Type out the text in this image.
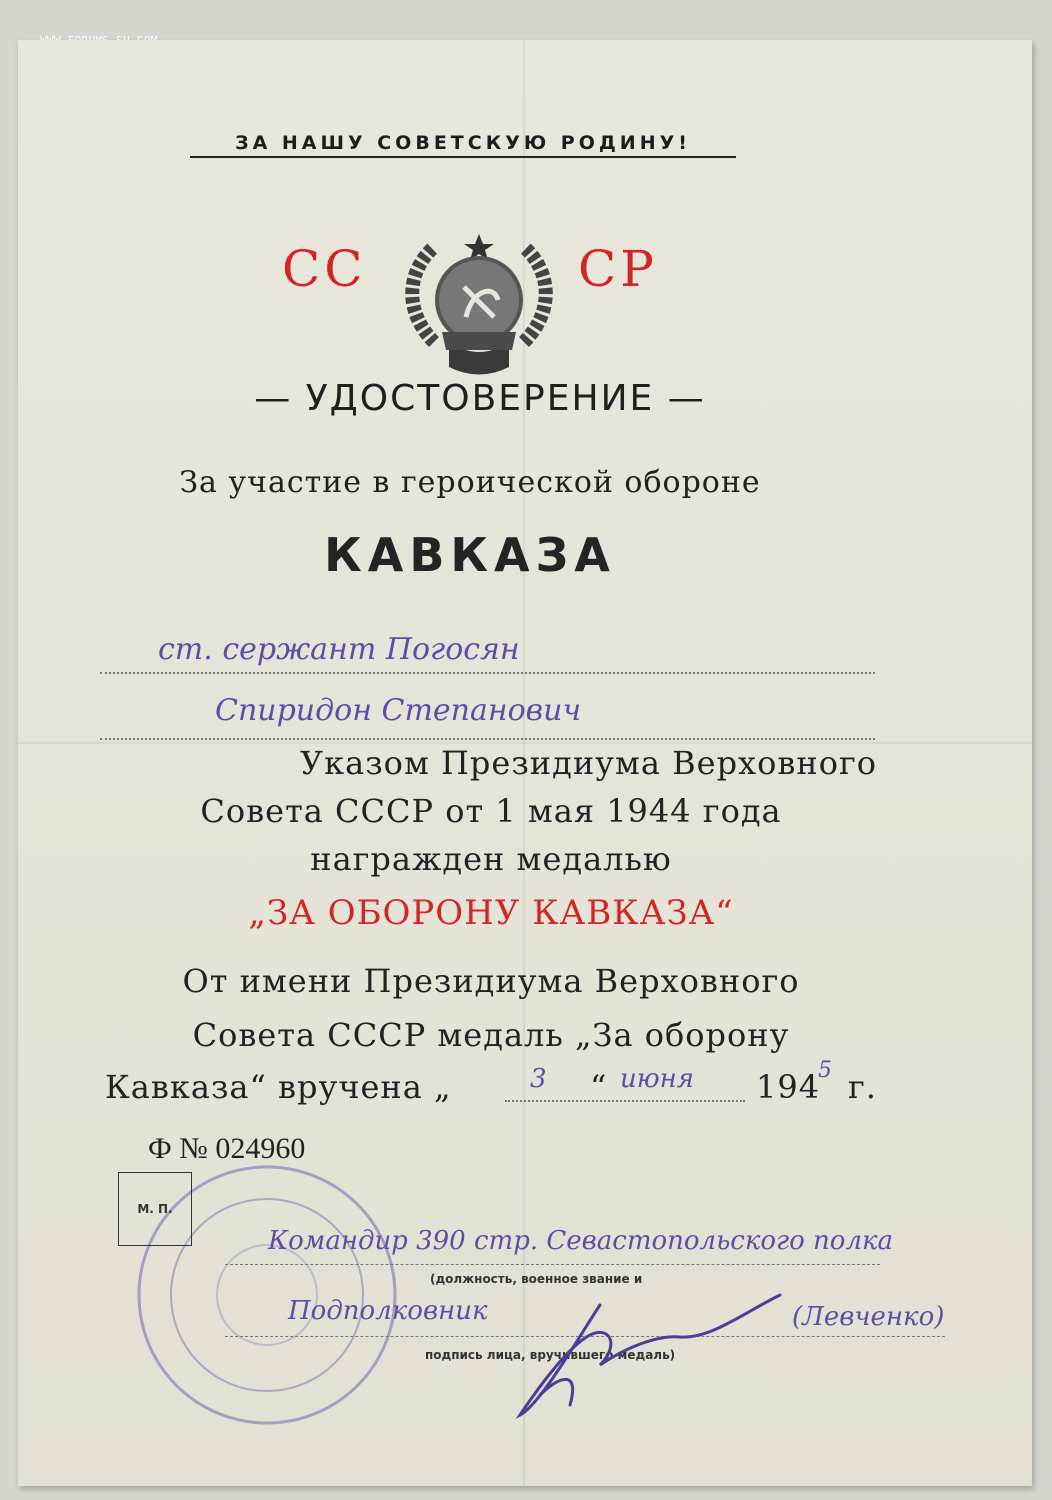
ЗА НАШУ СОВЕТСКУЮ РОДИНУ!
СС	СР
— УДОСТОВЕРЕНИЕ —
За участие в героической обороне
КАВКАЗА
ст. сержант Погосян
Спиридон Степанович
Указом Президиума Верховного
Совета СССР от 1 мая 1944 года
награжден медалью
„ЗА ОБОРОНУ КАВКАЗА“
От имени Президиума Верховного
Совета СССР медаль „За оборону
Кавказа“ вручена „	3 “ июня 194
5 г.
Ф № 024960
М. П.
Командир 390 стр. Севастопольского полка
(должность, военное звание и
Подполковник	(Левченко)
подпись лица, вручившего медаль)
